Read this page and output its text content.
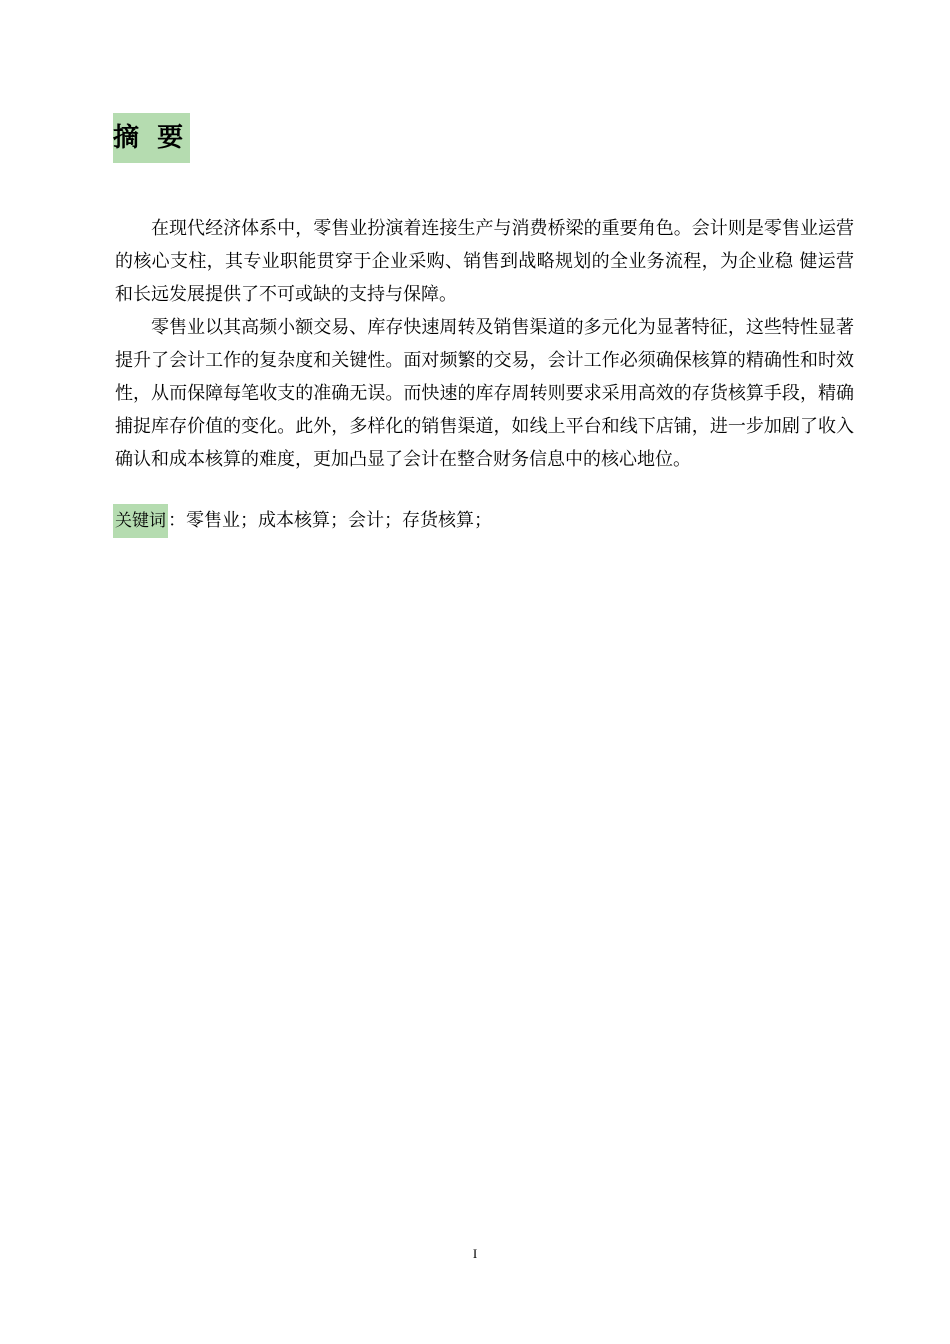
摘  要

在现代经济体系中，零售业扮演着连接生产与消费桥梁的重要角色。会计则是零售业运营的核心支柱，其专业职能贯穿于企业采购、销售到战略规划的全业务流程，为企业稳 健运营和长远发展提供了不可或缺的支持与保障。

零售业以其高频小额交易、库存快速周转及销售渠道的多元化为显著特征，这些特性显著提升了会计工作的复杂度和关键性。面对频繁的交易，会计工作必须确保核算的精确性和时效性，从而保障每笔收支的准确无误。而快速的库存周转则要求采用高效的存货核算手段，精确捕捉库存价值的变化。此外，多样化的销售渠道，如线上平台和线下店铺，进一步加剧了收入确认和成本核算的难度，更加凸显了会计在整合财务信息中的核心地位。

关键词 ：零售业；成本核算；会计；存货核算；
I
